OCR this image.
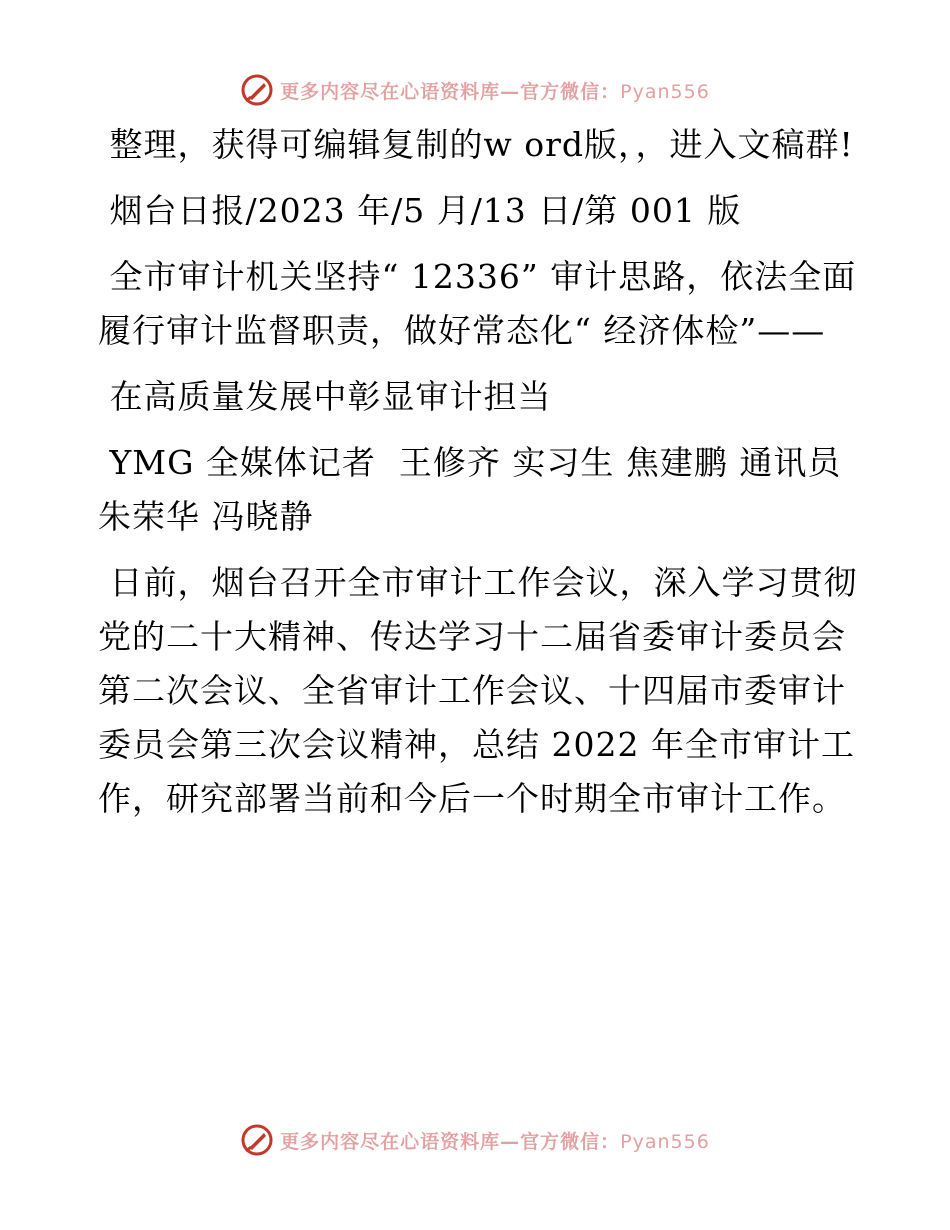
更多内容尽在心语资料库—官方微信：Pyan556

整理，获得可编辑复制的w ord版，，进入文稿群!

烟台日报/2023 年/5 月/13 日/第 001 版

全市审计机关坚持“ 12336” 审计思路，依法全面履行审计监督职责，做好常态化“ 经济体检”——

在高质量发展中彰显审计担当

YMG 全媒体记者  王修齐 实习生 焦建鹏 通讯员 朱荣华 冯晓静

日前，烟台召开全市审计工作会议，深入学习贯彻党的二十大精神、传达学习十二届省委审计委员会第二次会议、全省审计工作会议、十四届市委审计委员会第三次会议精神，总结 2022 年全市审计工作，研究部署当前和今后一个时期全市审计工作。

更多内容尽在心语资料库—官方微信：Pyan556
